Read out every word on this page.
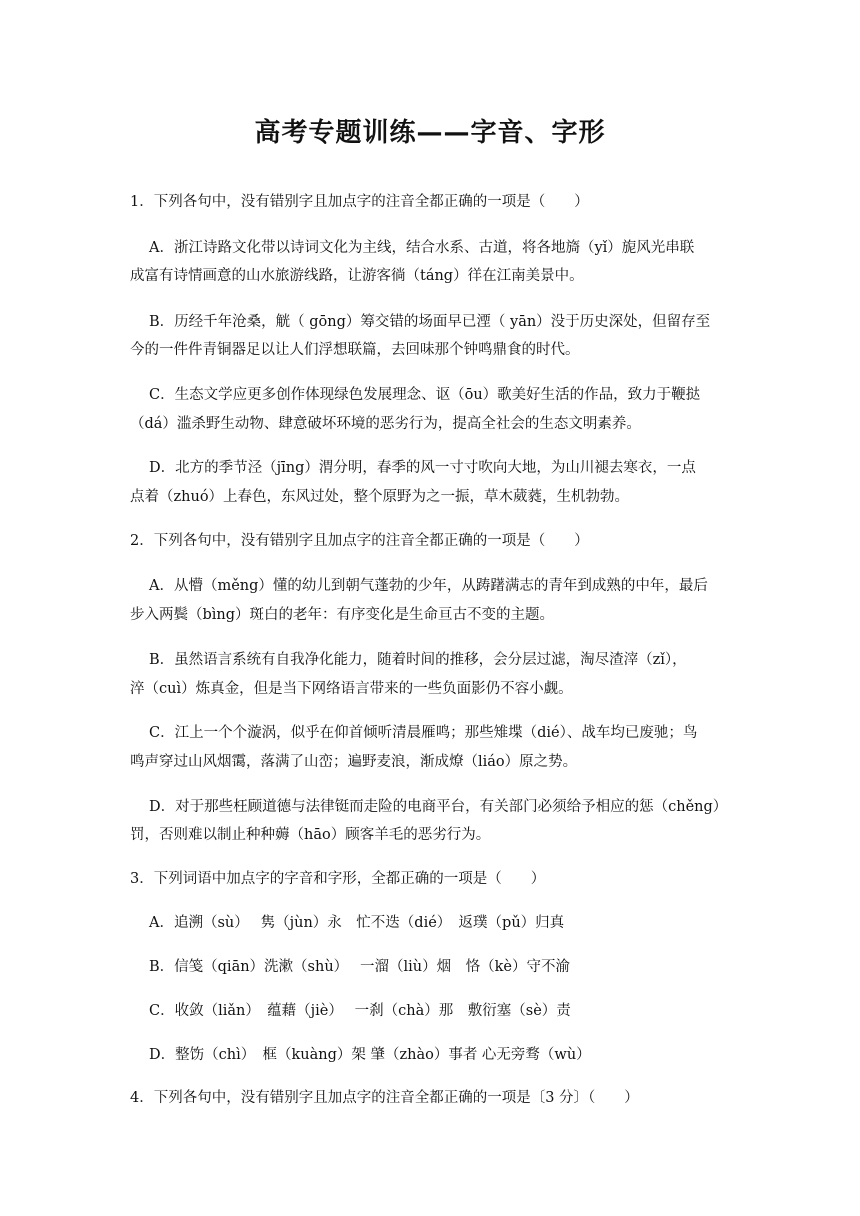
高考专题训练——字音、字形
1．下列各句中，没有错别字且加点字的注音全都正确的一项是（　　）
A．浙江诗路文化带以诗词文化为主线，结合水系、古道，将各地旖（yǐ）旎风光串联
成富有诗情画意的山水旅游线路，让游客徜（táng）徉在江南美景中。
B．历经千年沧桑，觥（ gōng）筹交错的场面早已湮（ yān）没于历史深处，但留存至
今的一件件青铜器足以让人们浮想联篇，去回味那个钟鸣鼎食的时代。
C．生态文学应更多创作体现绿色发展理念、讴（ōu）歌美好生活的作品，致力于鞭挞
（dá）滥杀野生动物、肆意破坏环境的恶劣行为，提高全社会的生态文明素养。
D．北方的季节泾（jīng）渭分明，春季的风一寸寸吹向大地，为山川褪去寒衣，一点
点着（zhuó）上春色，东风过处，整个原野为之一振，草木葳蕤，生机勃勃。
2．下列各句中，没有错别字且加点字的注音全都正确的一项是（　　）
A．从懵（měng）懂的幼儿到朝气蓬勃的少年，从踌躇满志的青年到成熟的中年，最后
步入两鬓（bìng）斑白的老年：有序变化是生命亘古不变的主题。
B．虽然语言系统有自我净化能力，随着时间的推移，会分层过滤，淘尽渣滓（zǐ），
淬（cuì）炼真金，但是当下网络语言带来的一些负面影仍不容小觑。
C．江上一个个漩涡，似乎在仰首倾听清晨雁鸣；那些雉堞（dié）、战车均已废驰；鸟
鸣声穿过山风烟霭，落满了山峦；遍野麦浪，渐成燎（liáo）原之势。
D．对于那些枉顾道德与法律铤而走险的电商平台，有关部门必须给予相应的惩（chěng）
罚，否则难以制止种种薅（hāo）顾客羊毛的恶劣行为。
3．下列词语中加点字的字音和字形，全都正确的一项是（　　）
A．追溯（sù）　 隽（jùn）永　忙不迭（dié）　返璞（pǔ）归真
B．信笺（qiān）洗漱（shù）　 一溜（liù）烟　恪（kè）守不渝
C．收敛（liǎn）　蕴藉（jiè）　 一刹（chà）那　敷衍塞（sè）责
D．整饬（chì）　框（kuàng）架 肇（zhào）事者 心无旁骛（wù）
4．下列各句中，没有错别字且加点字的注音全都正确的一项是〔3 分〕（　　）
